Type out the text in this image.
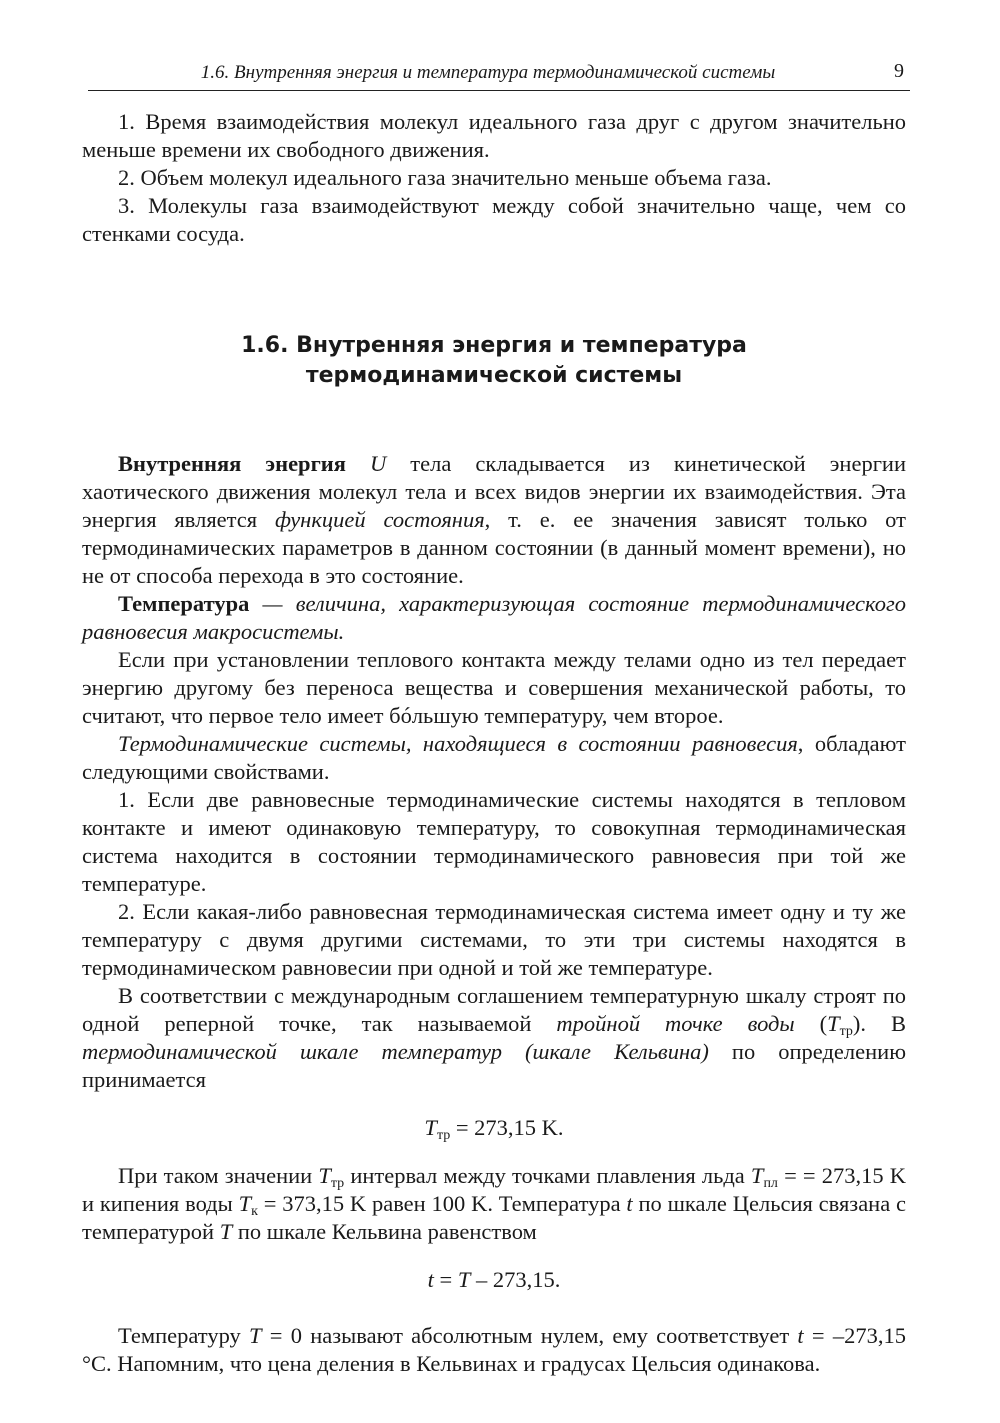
1.6. Внутренняя энергия и температура термодинамической системы	9

1. Время взаимодействия молекул идеального газа друг с другом значительно меньше времени их свободного движения.

2. Объем молекул идеального газа значительно меньше объема газа.

3. Молекулы газа взаимодействуют между собой значительно чаще, чем со стенками сосуда.

1.6. Внутренняя энергия и температура термодинамической системы

Внутренняя энергия U тела складывается из кинетической энергии хаотического движения молекул тела и всех видов энергии их взаимодействия. Эта энергия является функцией состояния, т. е. ее значения зависят только от термодинамических параметров в данном состоянии (в данный момент времени), но не от способа перехода в это состояние.

Температура — величина, характеризующая состояние термодинамического равновесия макросистемы.

Если при установлении теплового контакта между телами одно из тел передает энергию другому без переноса вещества и совершения механической работы, то считают, что первое тело имеет бóльшую температуру, чем второе.

Термодинамические системы, находящиеся в состоянии равновесия, обладают следующими свойствами.

1. Если две равновесные термодинамические системы находятся в тепловом контакте и имеют одинаковую температуру, то совокупная термодинамическая система находится в состоянии термодинамического равновесия при той же температуре.

2. Если какая-либо равновесная термодинамическая система имеет одну и ту же температуру с двумя другими системами, то эти три системы находятся в термодинамическом равновесии при одной и той же температуре.

В соответствии с международным соглашением температурную шкалу строят по одной реперной точке, так называемой тройной точке воды $(T_{тр})$. В термодинамической шкале температур (шкале Кельвина) по определению принимается

$T_{тр} = 273,15$ K.

При таком значении $T_{тр}$ интервал между точками плавления льда $T_{пл}$ = = 273,15 K и кипения воды $T_к = 373,15$ K равен 100 K. Температура t по шкале Цельсия связана с температурой T по шкале Кельвина равенством

t = T – 273,15.

Температуру T = 0 называют абсолютным нулем, ему соответствует t = –273,15 °C. Напомним, что цена деления в Кельвинах и градусах Цельсия одинакова.
